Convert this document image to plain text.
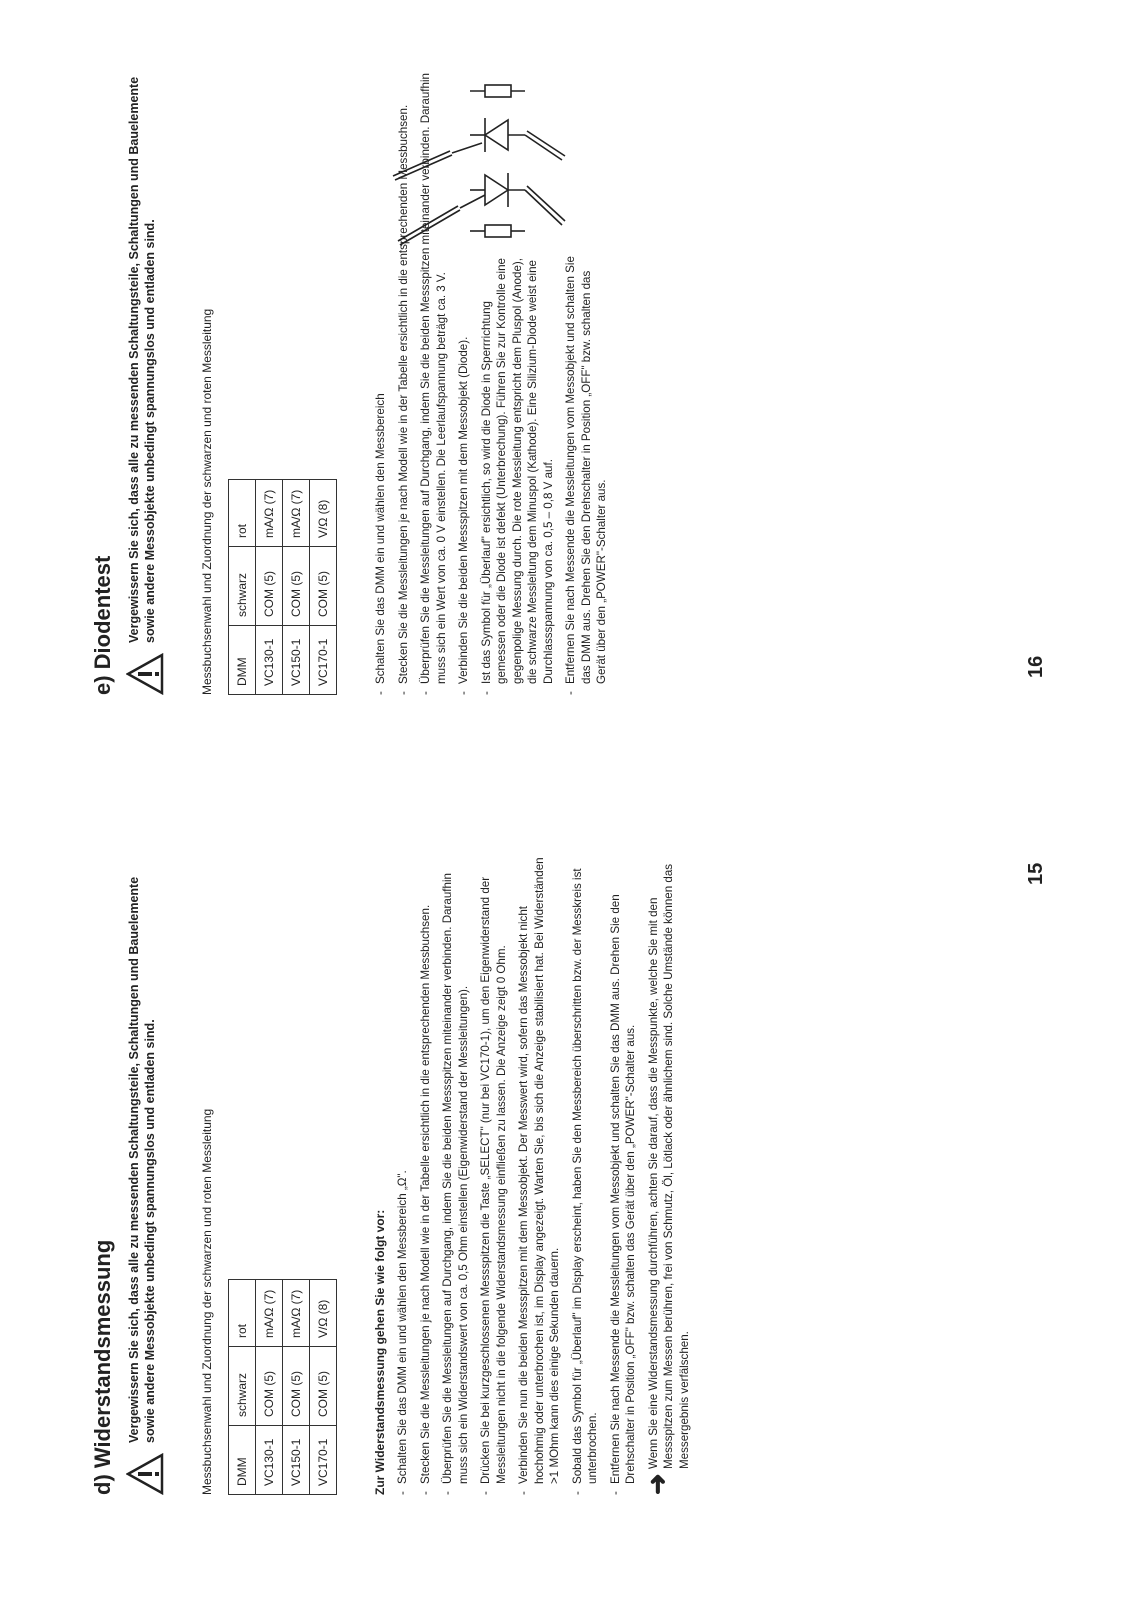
d) Widerstandsmessung Vergewissern Sie sich, dass alle zu messenden Schaltungsteile, Schaltungen und Bauelemente sowie andere Messobjekte unbedingt spannungslos und entladen sind.	Messbuchsenwahl und Zuordnung der schwarzen und roten Messleitung DMM	schwarz	rot
VC130-1	COM (5)	mA/Ω (7)
VC150-1	COM (5)	mA/Ω (7)
VC170-1	COM (5)	V/Ω (8)	Zur Widerstandsmessung gehen Sie wie folgt vor: - Schalten Sie das DMM ein und wählen den Messbereich „Ω". - Stecken Sie die Messleitungen je nach Modell wie in der Tabelle ersichtlich in die entsprechenden Messbuchsen. - Überprüfen Sie die Messleitungen auf Durchgang, indem Sie die beiden Messspitzen miteinander verbinden. Daraufhin muss sich ein Widerstandswert von ca. 0,5 Ohm einstellen (Eigenwiderstand der Messleitungen). - Drücken Sie bei kurzgeschlossenen Messspitzen die Taste „SELECT" (nur bei VC170-1), um den Eigenwiderstand der Messleitungen nicht in die folgende Widerstandsmessung einfließen zu lassen. Die Anzeige zeigt 0 Ohm. - Verbinden Sie nun die beiden Messspitzen mit dem Messobjekt. Der Messwert wird, sofern das Messobjekt nicht hochohmig oder unterbrochen ist, im Display angezeigt. Warten Sie, bis sich die Anzeige stabilisiert hat. Bei Widerständen >1 MOhm kann dies einige Sekunden dauern. - Sobald das Symbol für „Überlauf" im Display erscheint, haben Sie den Messbereich überschritten bzw. der Messkreis ist unterbrochen. - Entfernen Sie nach Messende die Messleitungen vom Messobjekt und schalten Sie das DMM aus. Drehen Sie den Drehschalter in Position „OFF" bzw. schalten das Gerät über den „POWER"-Schalter aus.
➜
Wenn Sie eine Widerstandsmessung durchführen, achten Sie darauf, dass die Messpunkte, welche Sie mit den Messspitzen zum Messen berühren, frei von Schmutz, Öl, Lötlack oder ähnlichem sind. Solche Umstände können das Messergebnis verfälschen.
15
e) Diodentest Vergewissern Sie sich, dass alle zu messenden Schaltungsteile, Schaltungen und Bauelemente sowie andere Messobjekte unbedingt spannungslos und entladen sind.	Messbuchsenwahl und Zuordnung der schwarzen und roten Messleitung DMM	schwarz	rot
VC130-1	COM (5)	mA/Ω (7)
VC150-1	COM (5)	mA/Ω (7)
VC170-1	COM (5)	V/Ω (8)	- Schalten Sie das DMM ein und wählen den Messbereich - Stecken Sie die Messleitungen je nach Modell wie in der Tabelle ersichtlich in die entsprechenden Messbuchsen. - Überprüfen Sie die Messleitungen auf Durchgang, indem Sie die beiden Messspitzen miteinander verbinden. Daraufhin muss sich ein Wert von ca. 0 V einstellen. Die Leerlaufspannung beträgt ca. 3 V. - Verbinden Sie die beiden Messspitzen mit dem Messobjekt (Diode). - Ist das Symbol für „Überlauf" ersichtlich, so wird die Diode in Sperrrichtung gemessen oder die Diode ist defekt (Unterbrechung). Führen Sie zur Kontrolle eine gegenpolige Messung durch. Die rote Messleitung entspricht dem Pluspol (Anode), die schwarze Messleitung dem Minuspol (Kathode). Eine Silizium-Diode weist eine Durchlassspannung von ca. 0,5 – 0,8 V auf. - Entfernen Sie nach Messende die Messleitungen vom Messobjekt und schalten Sie das DMM aus. Drehen Sie den Drehschalter in Position „OFF" bzw. schalten das Gerät über den „POWER"-Schalter aus.	16
